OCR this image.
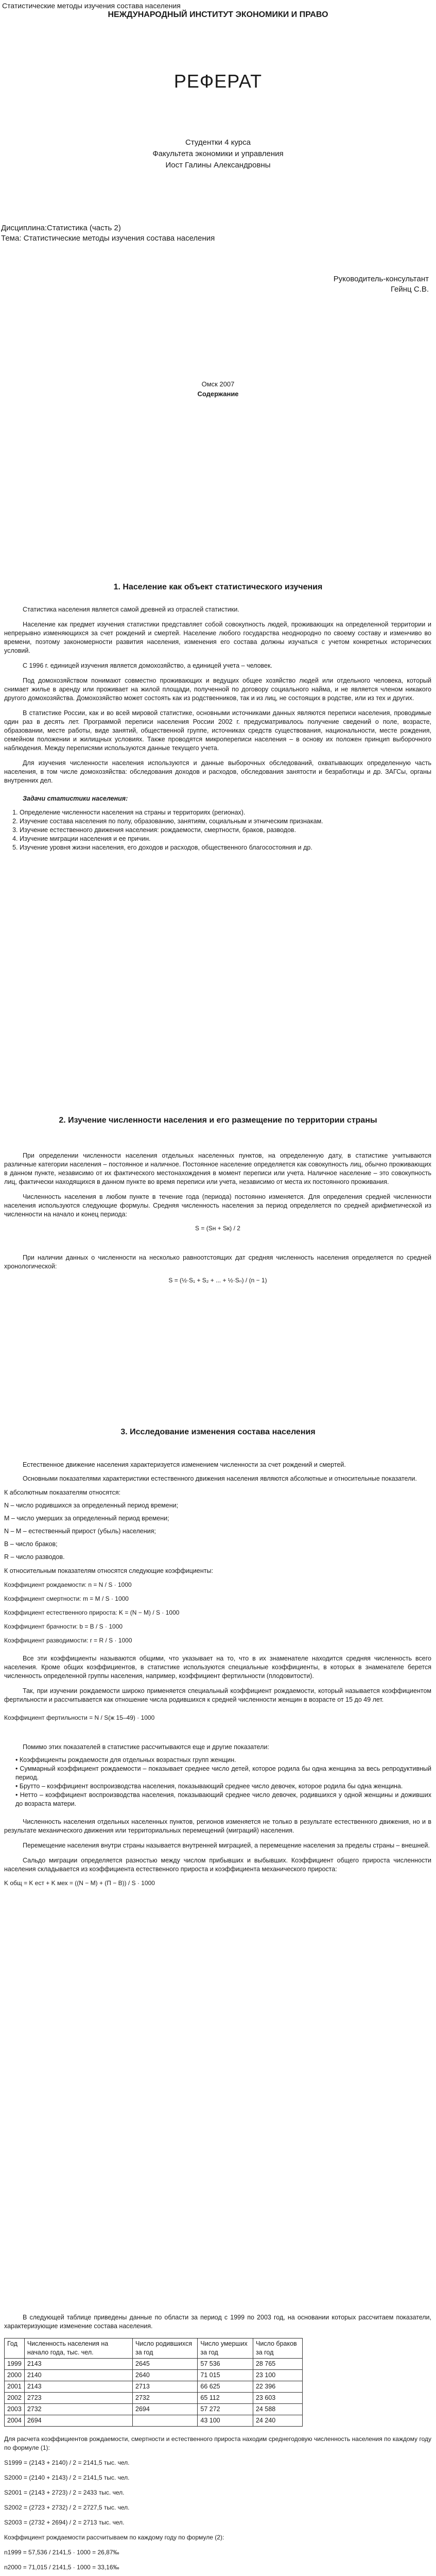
Статистические методы изучения состава населения
НЕЖДУНАРОДНЫЙ ИНСТИТУТ ЭКОНОМИКИ И ПРАВО
РЕФЕРАТ
Студентки 4 курса
Факультета экономики и управления
Иост Галины Александровны
Дисциплина:Статистика (часть 2)
Тема: Статистические методы изучения состава населения
Руководитель-консультант
Гейнц С.В.
Омск 2007
Содержание
1. Население как объект статистического изучения

Статистика населения является самой древней из отраслей статистики.

Население как предмет изучения статистики представляет собой совокупность людей, проживающих на определенной территории и непрерывно изменяющихся за счет рождений и смертей. Население любого государства неоднородно по своему составу и изменчиво во времени, поэтому закономерности развития населения, изменения его состава должны изучаться с учетом конкретных исторических условий.

С 1996 г. единицей изучения является домохозяйство, а единицей учета – человек.

Под домохозяйством понимают совместно проживающих и ведущих общее хозяйство людей или отдельного человека, который снимает жилье в аренду или проживает на жилой площади, полученной по договору социального найма, и не является членом никакого другого домохозяйства. Домохозяйство может состоять как из родственников, так и из лиц, не состоящих в родстве, или из тех и других.

В статистике России, как и во всей мировой статистике, основными источниками данных являются переписи населения, проводимые один раз в десять лет. Программой переписи населения России 2002 г. предусматривалось получение сведений о поле, возрасте, образовании, месте работы, виде занятий, общественной группе, источниках средств существования, национальности, месте рождения, семейном положении и жилищных условиях. Также проводятся микропереписи населения – в основу их положен принцип выборочного наблюдения. Между переписями используются данные текущего учета.

Для изучения численности населения используются и данные выборочных обследований, охватывающих определенную часть населения, в том числе домохозяйства: обследования доходов и расходов, обследования занятости и безработицы и др. ЗАГСы, органы внутренних дел.

Задачи статистики населения:

1. Определение численности населения на страны и территориях (регионах).
2. Изучение состава населения по полу, образованию, занятиям, социальным и этническим признакам.
3. Изучение естественного движения населения: рождаемости, смертности, браков, разводов.
4. Изучение миграции населения и ее причин.
5. Изучение уровня жизни населения, его доходов и расходов, общественного благосостояния и др.
2. Изучение численности населения и его размещение по территории страны

При определении численности населения отдельных населенных пунктов, на определенную дату, в статистике учитываются различные категории населения – постоянное и наличное. Постоянное население определяется как совокупность лиц, обычно проживающих в данном пункте, независимо от их фактического местонахождения в момент переписи или учета. Наличное население – это совокупность лиц, фактически находящихся в данном пункте во время переписи или учета, независимо от места их постоянного проживания.

Численность населения в любом пункте в течение года (периода) постоянно изменяется. Для определения средней численности населения используются следующие формулы. Средняя численность населения за период определяется по средней арифметической из численности на начало и конец периода:

S = (Sн + Sк) / 2

При наличии данных о численности на несколько равноотстоящих дат средняя численность населения определяется по средней хронологической:

S = (½·S₁ + S₂ + ... + ½·Sₙ) / (n − 1)

3. Исследование изменения состава населения

Естественное движение населения характеризуется изменением численности за счет рождений и смертей.

Основными показателями характеристики естественного движения населения являются абсолютные и относительные показатели.

К абсолютным показателям относятся:

N – число родившихся за определенный период времени;

M – число умерших за определенный период времени;

N – M – естественный прирост (убыль) населения;

B – число браков;

R – число разводов.

К относительным показателям относятся следующие коэффициенты:

Коэффициент рождаемости: n = N / S · 1000

Коэффициент смертности: m = M / S · 1000

Коэффициент естественного прироста: K = (N − M) / S · 1000

Коэффициент брачности: b = B / S · 1000

Коэффициент разводимости: r = R / S · 1000

Все эти коэффициенты называются общими, что указывает на то, что в их знаменателе находится средняя численность всего населения. Кроме общих коэффициентов, в статистике используются специальные коэффициенты, в которых в знаменателе берется численность определенной группы населения, например, коэффициент фертильности (плодовитости).

Так, при изучении рождаемости широко применяется специальный коэффициент рождаемости, который называется коэффициентом фертильности и рассчитывается как отношение числа родившихся к средней численности женщин в возрасте от 15 до 49 лет.

Коэффициент фертильности = N / S(ж 15–49) · 1000

Помимо этих показателей в статистике рассчитываются еще и другие показатели:

• Коэффициенты рождаемости для отдельных возрастных групп женщин.
• Суммарный коэффициент рождаемости – показывает среднее число детей, которое родила бы одна женщина за весь репродуктивный период.
• Брутто – коэффициент воспроизводства населения, показывающий среднее число девочек, которое родила бы одна женщина.
• Нетто – коэффициент воспроизводства населения, показывающий среднее число девочек, родившихся у одной женщины и доживших до возраста матери.

Численность населения отдельных населенных пунктов, регионов изменяется не только в результате естественного движения, но и в результате механического движения или территориальных перемещений (миграций) населения.

Перемещение населения внутри страны называется внутренней миграцией, а перемещение населения за пределы страны – внешней.

Сальдо миграции определяется разностью между числом прибывших и выбывших. Коэффициент общего прироста численности населения складывается из коэффициента естественного прироста и коэффициента механического прироста:

K общ = K ест + K мех = ((N − M) + (П − В)) / S · 1000

В следующей таблице приведены данные по области за период с 1999 по 2003 год, на основании которых рассчитаем показатели, характеризующие изменение состава населения.

Год	Численность населения на начало года, тыс. чел.	Число родившихся за год	Число умерших за год	Число браков за год
1999	2143	2645	57 536	28 765
2000	2140	2640	71 015	23 100
2001	2143	2713	66 625	22 396
2002	2723	2732	65 112	23 603
2003	2732	2694	57 272	24 588
2004	2694		43 100	24 240

Для расчета коэффициентов рождаемости, смертности и естественного прироста находим среднегодовую численность населения по каждому году по формуле (1):

S1999 = (2143 + 2140) / 2 = 2141,5 тыс. чел.

S2000 = (2140 + 2143) / 2 = 2141,5 тыс. чел.

S2001 = (2143 + 2723) / 2 = 2433 тыс. чел.

S2002 = (2723 + 2732) / 2 = 2727,5 тыс. чел.

S2003 = (2732 + 2694) / 2 = 2713 тыс. чел.

Коэффициент рождаемости рассчитываем по каждому году по формуле (2):

n1999 = 57,536 / 2141,5 · 1000 = 26,87‰

n2000 = 71,015 / 2141,5 · 1000 = 33,16‰
